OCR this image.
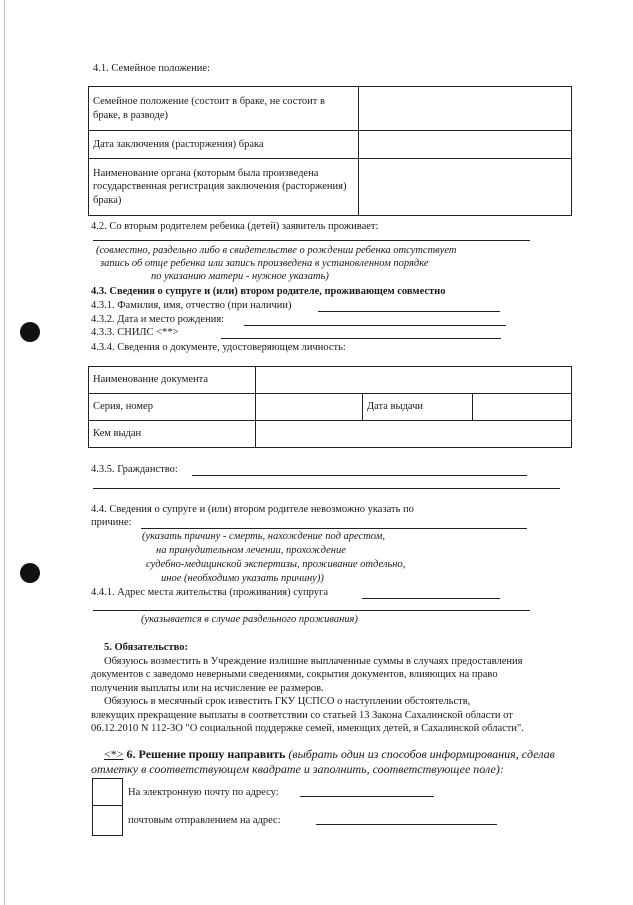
4.1. Семейное положение:
Семейное положение (состоит в браке, не состоит в браке, в разводе)	
Дата заключения (расторжения) брака	
Наименование органа (которым была произведена государственная регистрация заключения (расторжения) брака)	
4.2. Со вторым родителем ребенка (детей) заявитель проживает:
(совместно, раздельно либо в свидетельстве о рождении ребенка отсутствует
запись об отце ребенка или запись произведена в установленном порядке
по указанию матери - нужное указать)
4.3. Сведения о супруге и (или) втором родителе, проживающем совместно
4.3.1. Фамилия, имя, отчество (при наличии)
4.3.2. Дата и место рождения:
4.3.3. СНИЛС <**>
4.3.4. Сведения о документе, удостоверяющем личность:
Наименование документа			
Серия, номер		Дата выдачи	
Кем выдан			
4.3.5. Гражданство:
4.4. Сведения о супруге и (или) втором родителе невозможно указать по
причине:
(указать причину - смерть, нахождение под арестом,
на принудительном лечении, прохождение
судебно-медицинской экспертизы, проживание отдельно,
иное (необходимо указать причину))
4.4.1. Адрес места жительства (проживания) супруга
(указывается в случае раздельного проживания)
5. Обязательство:
Обязуюсь возместить в Учреждение излишне выплаченные суммы в случаях предоставления
документов с заведомо неверными сведениями, сокрытия документов, влияющих на право
получения выплаты или на исчисление ее размеров.
Обязуюсь в месячный срок известить ГКУ ЦСПСО о наступлении обстоятельств,
влекущих прекращение выплаты в соответствии со статьей 13 Закона Сахалинской области от
06.12.2010 N 112-ЗО "О социальной поддержке семей, имеющих детей, в Сахалинской области".
<*> 6. Решение прошу направить (выбрать один из способов информирования, сделав
отметку в соответствующем квадрате и заполнить, соответствующее поле):
На электронную почту по адресу:
почтовым отправлением на адрес:
